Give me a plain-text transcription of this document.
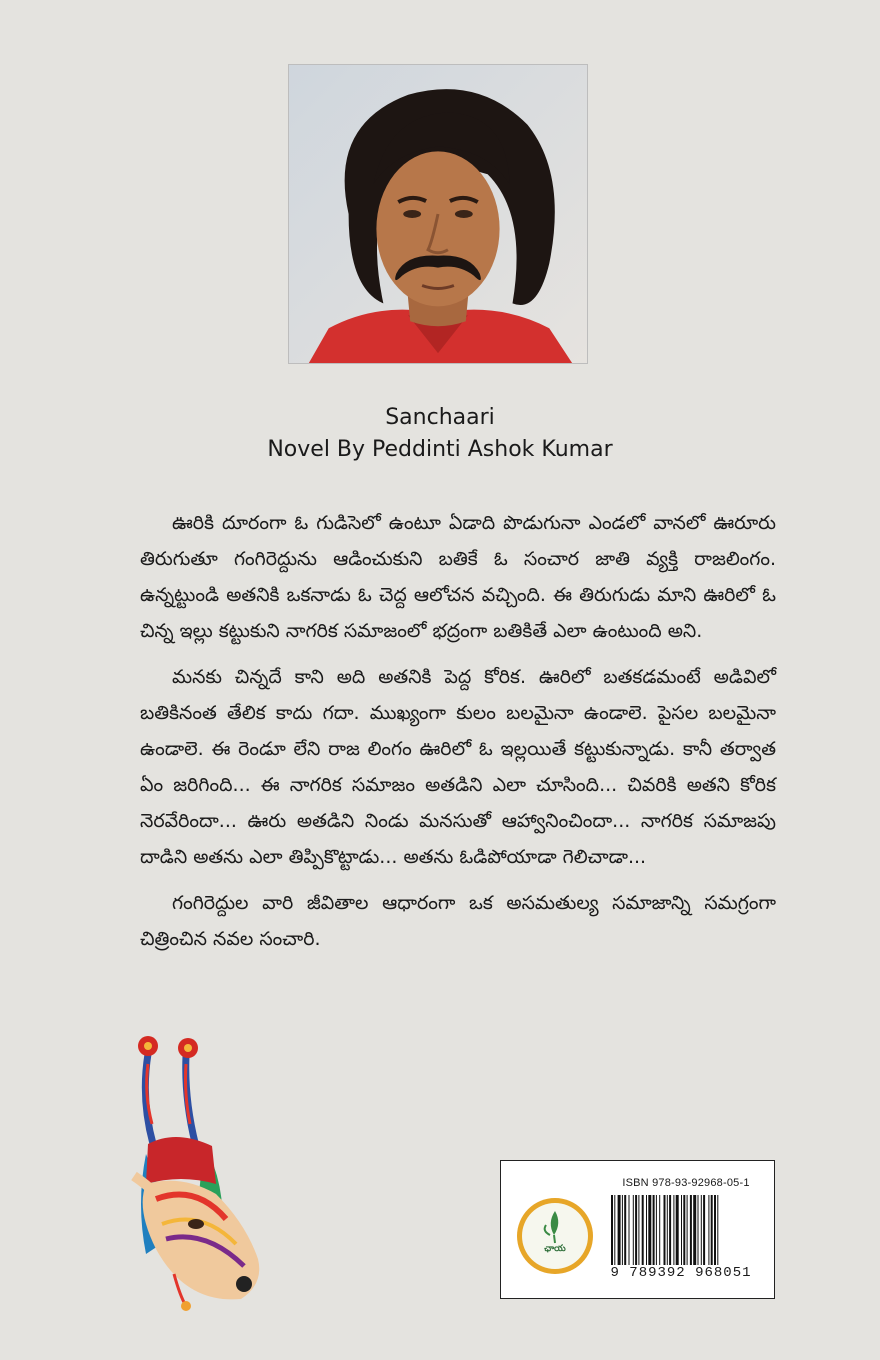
Sanchaari
Novel By Peddinti Ashok Kumar

ఊరికి దూరంగా ఓ గుడిసెలో ఉంటూ ఏడాది పొడుగునా ఎండలో వానలో ఊరూరు తిరుగుతూ గంగిరెద్దును ఆడించుకుని బతికే ఓ సంచార జాతి వ్యక్తి రాజలింగం. ఉన్నట్టుండి అతనికి ఒకనాడు ఓ చెద్ద ఆలోచన వచ్చింది. ఈ తిరుగుడు మాని ఊరిలో ఓ చిన్న ఇల్లు కట్టుకుని నాగరిక సమాజంలో భద్రంగా బతికితే ఎలా ఉంటుంది అని.

మనకు చిన్నదే కాని అది అతనికి పెద్ద కోరిక. ఊరిలో బతకడమంటే అడివిలో బతికినంత తేలిక కాదు గదా. ముఖ్యంగా కులం బలమైనా ఉండాలె. పైసల బలమైనా ఉండాలె. ఈ రెండూ లేని రాజ లింగం ఊరిలో ఓ ఇల్లయితే కట్టుకున్నాడు. కానీ తర్వాత ఏం జరిగింది... ఈ నాగరిక సమాజం అతడిని ఎలా చూసింది... చివరికి అతని కోరిక నెరవేరిందా... ఊరు అతడిని నిండు మనసుతో ఆహ్వానించిందా... నాగరిక సమాజపు దాడిని అతను ఎలా తిప్పికొట్టాడు... అతను ఓడిపోయాడా గెలిచాడా...

గంగిరెద్దుల వారి జీవితాల ఆధారంగా ఒక అసమతుల్య సమాజాన్ని సమగ్రంగా చిత్రించిన నవల సంచారి.

ఛాయ
ISBN 978-93-92968-05-1
9 789392 968051
